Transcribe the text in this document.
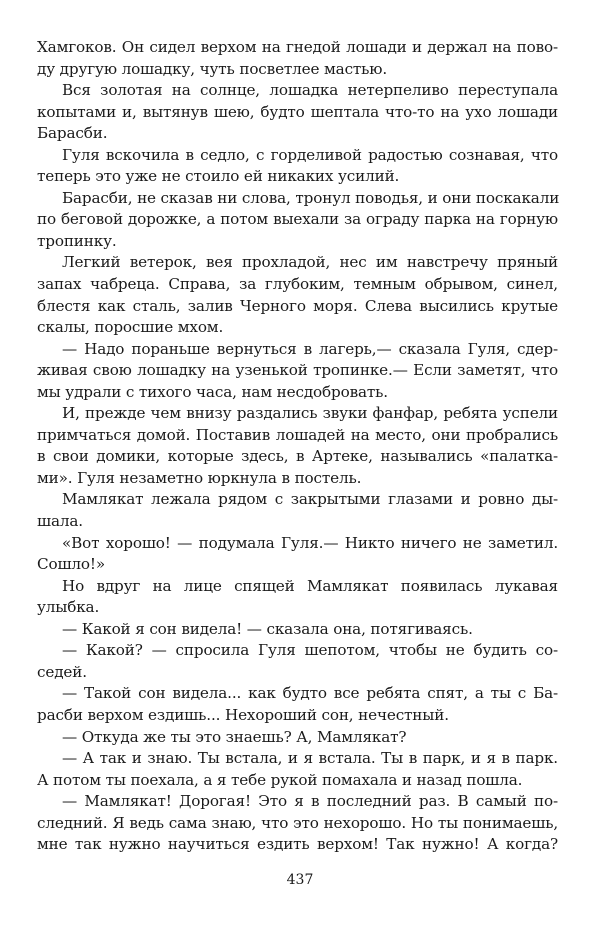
Хамгоков. Он сидел верхом на гнедой лошади и держал на пово-
ду другую лошадку, чуть посветлее мастью.
Вся золотая на солнце, лошадка нетерпеливо переступала
копытами и, вытянув шею, будто шептала что-то на ухо лошади
Барасби.
Гуля вскочила в седло, с горделивой радостью сознавая, что
теперь это уже не стоило ей никаких усилий.
Барасби, не сказав ни слова, тронул поводья, и они поскакали
по беговой дорожке, а потом выехали за ограду парка на горную
тропинку.
Легкий ветерок, вея прохладой, нес им навстречу пряный
запах чабреца. Справа, за глубоким, темным обрывом, синел,
блестя как сталь, залив Черного моря. Слева высились крутые
скалы, поросшие мхом.
— Надо пораньше вернуться в лагерь,— сказала Гуля, сдер-
живая свою лошадку на узенькой тропинке.— Если заметят, что
мы удрали с тихого часа, нам несдобровать.
И, прежде чем внизу раздались звуки фанфар, ребята успели
примчаться домой. Поставив лошадей на место, они пробрались
в свои домики, которые здесь, в Артеке, назывались «палатка-
ми». Гуля незаметно юркнула в постель.
Мамлякат лежала рядом с закрытыми глазами и ровно ды-
шала.
«Вот хорошо! — подумала Гуля.— Никто ничего не заметил.
Сошло!»
Но вдруг на лице спящей Мамлякат появилась лукавая
улыбка.
— Какой я сон видела! — сказала она, потягиваясь.
— Какой? — спросила Гуля шепотом, чтобы не будить со-
седей.
— Такой сон видела... как будто все ребята спят, а ты с Ба-
расби верхом ездишь... Нехороший сон, нечестный.
— Откуда же ты это знаешь? А, Мамлякат?
— А так и знаю. Ты встала, и я встала. Ты в парк, и я в парк.
А потом ты поехала, а я тебе рукой помахала и назад пошла.
— Мамлякат! Дорогая! Это я в последний раз. В самый по-
следний. Я ведь сама знаю, что это нехорошо. Но ты понимаешь,
мне так нужно научиться ездить верхом! Так нужно! А когда?
437
